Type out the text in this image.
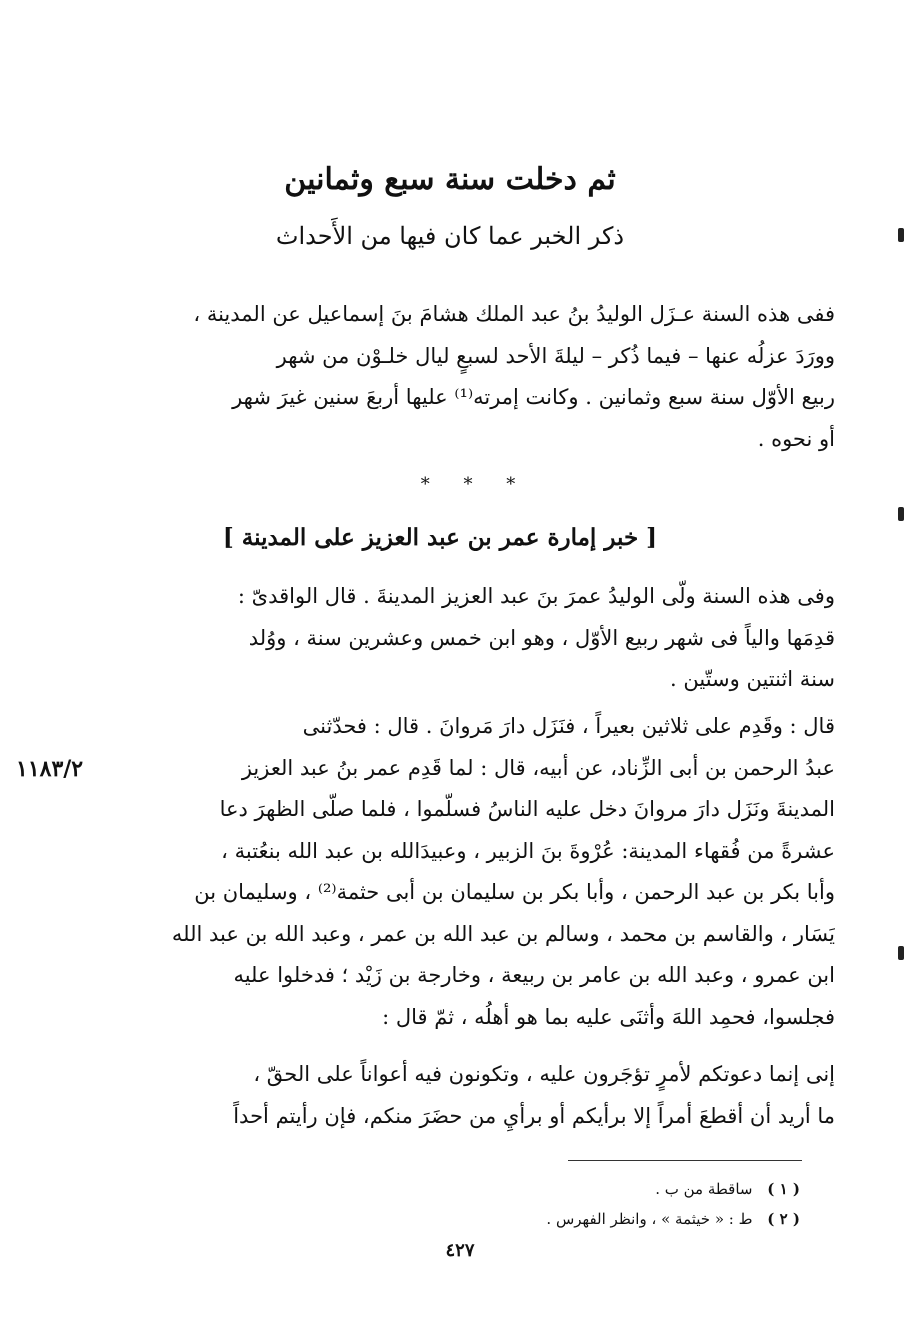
ثم دخلت سنة سبع وثمانين
ذكر الخبر عما كان فيها من الأَحداث
ففى هذه السنة عـزَل الوليدُ بنُ عبد الملك هشامَ بنَ إسماعيل عن المدينة ،
وورَدَ عزلُه عنها – فيما ذُكر – ليلةَ الأحد لسبعٍ ليال خلـوْن من شهر
ربيع الأوّل سنة سبع وثمانين . وكانت إمرته⁽¹⁾ عليها أربعَ سنين غيرَ شهر
أو نحوه .
* * *
[ خبر إمارة عمر بن عبد العزيز على المدينة ]
وفى هذه السنة ولّى الوليدُ عمرَ بنَ عبد العزيز المدينةَ . قال الواقدىّ :
قدِمَها والياً فى شهر ربيع الأوّل ، وهو ابن خمس وعشرين سنة ، ووُلد
سنة اثنتين وستّين .
قال : وقَدِم على ثلاثين بعيراً ، فنَزَل دارَ مَروانَ . قال : فحدّثنى
عبدُ الرحمن بن أبى الزِّناد، عن أبيه، قال : لما قَدِم عمر بنُ عبد العزيز
المدينةَ ونَزَل دارَ مروانَ دخل عليه الناسُ فسلّموا ، فلما صلّى الظهرَ دعا
عشرةً من فُقهاء المدينة: عُرْوةَ بنَ الزبير ، وعبيدَالله بن عبد الله بنعُتبة ،
وأبا بكر بن عبد الرحمن ، وأبا بكر بن سليمان بن أبى حثمة⁽²⁾ ، وسليمان بن
يَسَار ، والقاسم بن محمد ، وسالم بن عبد الله بن عمر ، وعبد الله بن عبد الله
ابن عمرو ، وعبد الله بن عامر بن ربيعة ، وخارجة بن زَيْد ؛ فدخلوا عليه
فجلسوا، فحمِد اللهَ وأثنَى عليه بما هو أهلُه ، ثمّ قال :
١١٨٣/٢
إنى إنما دعوتكم لأمرٍ تؤجَرون عليه ، وتكونون فيه أعواناً على الحقّ ،
ما أريد أن أقطعَ أمراً إلا برأيكم أو برأيِ من حضَرَ منكم، فإن رأيتم أحداً
( ١ ) ساقطة من ب .
( ٢ ) ط : « خيثمة » ، وانظر الفهرس .
٤٢٧
